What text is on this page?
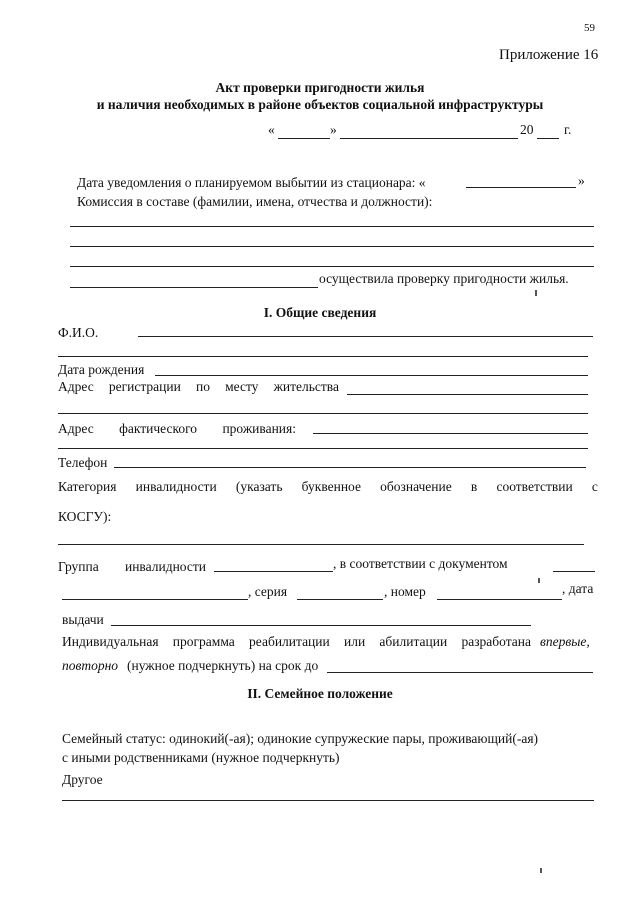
59
Приложение 16
Акт проверки пригодности жилья
и наличия необходимых в районе объектов социальной инфраструктуры
«	»	20 г.
Дата уведомления о планируемом выбытии из стационара: «	»
Комиссия в составе (фамилии, имена, отчества и должности):
осуществила проверку пригодности жилья.
I. Общие сведения
Ф.И.О.
Дата рождения
Адрес регистрации по месту жительства
Адрес фактического проживания:
Телефон
Категория инвалидности (указать буквенное обозначение в соответствии с
КОСГУ):
Группа инвалидности	, в соответствии с документом
, серия	, номер	, дата
выдачи
Индивидуальная программа реабилитации или абилитации разработана впервые,
повторно (нужное подчеркнуть) на срок до
II. Семейное положение
Семейный статус: одинокий(-ая); одинокие супружеские пары, проживающий(-ая)
с иными родственниками (нужное подчеркнуть)
Другое
